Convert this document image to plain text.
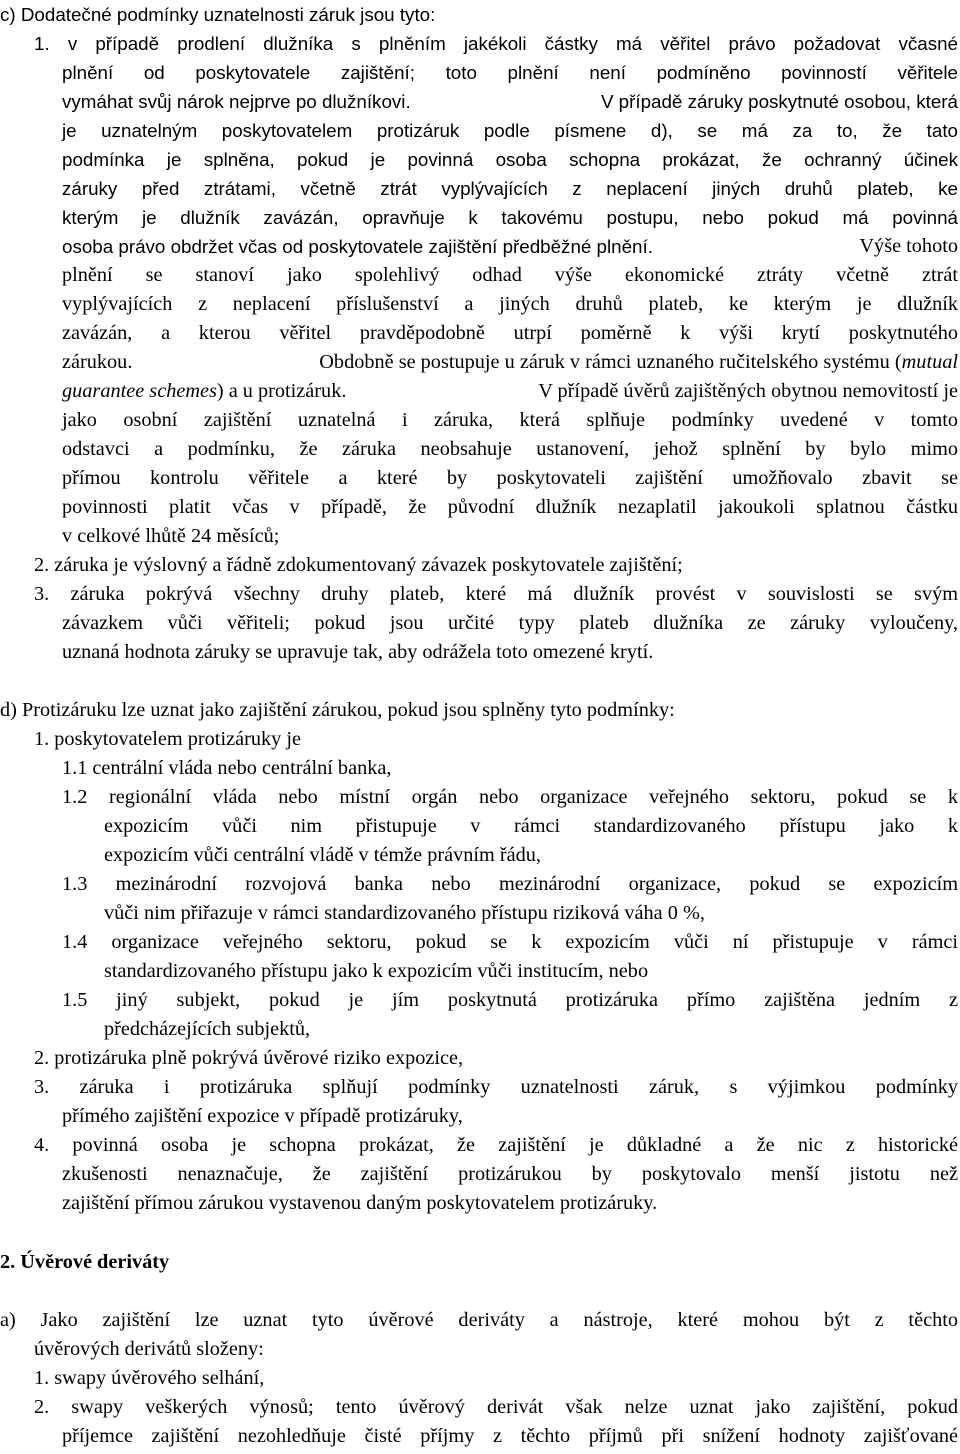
c) Dodatečné podmínky uznatelnosti záruk jsou tyto:
1. v případě prodlení dlužníka s plněním jakékoli částky má věřitel právo požadovat včasné
plnění od poskytovatele zajištění; toto plnění není podmíněno povinností věřitele
vymáhat svůj nárok nejprve po dlužníkovi.	V případě záruky poskytnuté osobou, která
je uznatelným poskytovatelem protizáruk podle písmene d), se má za to, že tato
podmínka je splněna, pokud je povinná osoba schopna prokázat, že ochranný účinek
záruky před ztrátami, včetně ztrát vyplývajících z neplacení jiných druhů plateb, ke
kterým je dlužník zavázán, opravňuje k takovému postupu, nebo pokud má povinná
osoba právo obdržet včas od poskytovatele zajištění předběžné plnění.	Výše tohoto
plnění se stanoví jako spolehlivý odhad výše ekonomické ztráty včetně ztrát
vyplývajících z neplacení příslušenství a jiných druhů plateb, ke kterým je dlužník
zavázán, a kterou věřitel pravděpodobně utrpí poměrně k výši krytí poskytnutého
zárukou.	Obdobně se postupuje u záruk v rámci uznaného ručitelského systému (mutual
guarantee schemes) a u protizáruk.	V případě úvěrů zajištěných obytnou nemovitostí je
jako osobní zajištění uznatelná i záruka, která splňuje podmínky uvedené v tomto
odstavci a podmínku, že záruka neobsahuje ustanovení, jehož splnění by bylo mimo
přímou kontrolu věřitele a které by poskytovateli zajištění umožňovalo zbavit se
povinnosti platit včas v případě, že původní dlužník nezaplatil jakoukoli splatnou částku
v celkové lhůtě 24 měsíců;
2. záruka je výslovný a řádně zdokumentovaný závazek poskytovatele zajištění;
3. záruka pokrývá všechny druhy plateb, které má dlužník provést v souvislosti se svým
závazkem vůči věřiteli; pokud jsou určité typy plateb dlužníka ze záruky vyloučeny,
uznaná hodnota záruky se upravuje tak, aby odrážela toto omezené krytí.
d) Protizáruku lze uznat jako zajištění zárukou, pokud jsou splněny tyto podmínky:
1. poskytovatelem protizáruky je
1.1 centrální vláda nebo centrální banka,
1.2 regionální vláda nebo místní orgán nebo organizace veřejného sektoru, pokud se k
expozicím vůči nim přistupuje v rámci standardizovaného přístupu jako k
expozicím vůči centrální vládě v témže právním řádu,
1.3 mezinárodní rozvojová banka nebo mezinárodní organizace, pokud se expozicím
vůči nim přiřazuje v rámci standardizovaného přístupu riziková váha 0 %,
1.4 organizace veřejného sektoru, pokud se k expozicím vůči ní přistupuje v rámci
standardizovaného přístupu jako k expozicím vůči institucím, nebo
1.5 jiný subjekt, pokud je jím poskytnutá protizáruka přímo zajištěna jedním z
předcházejících subjektů,
2. protizáruka plně pokrývá úvěrové riziko expozice,
3. záruka i protizáruka splňují podmínky uznatelnosti záruk, s výjimkou podmínky
přímého zajištění expozice v případě protizáruky,
4. povinná osoba je schopna prokázat, že zajištění je důkladné a že nic z historické
zkušenosti nenaznačuje, že zajištění protizárukou by poskytovalo menší jistotu než
zajištění přímou zárukou vystavenou daným poskytovatelem protizáruky.
2. Úvěrové deriváty
a) Jako zajištění lze uznat tyto úvěrové deriváty a nástroje, které mohou být z těchto
úvěrových derivátů složeny:
1. swapy úvěrového selhání,
2. swapy veškerých výnosů; tento úvěrový derivát však nelze uznat jako zajištění, pokud
příjemce zajištění nezohledňuje čisté příjmy z těchto příjmů při snížení hodnoty zajišťované
